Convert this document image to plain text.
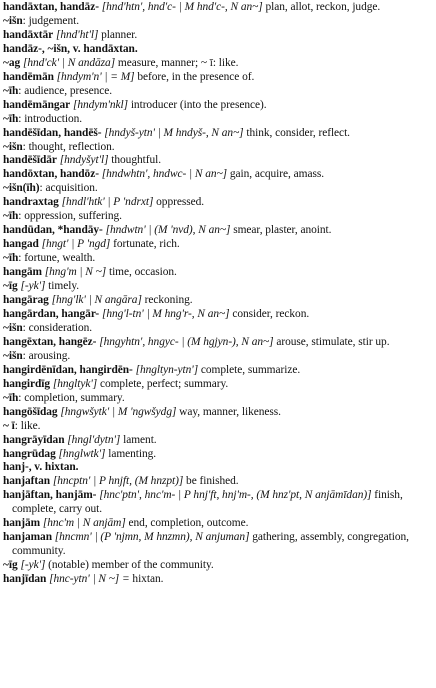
handāxtan, handāz- [hnd'htn', hnd'c- | M hnd'c-, N an~] plan, allot, reckon, judge.

~išn: judgement.

handāxtār [hnd'ht'l] planner.

handāz-, ~išn, v. handāxtan.

~ag [hnd'ck' | N andāza] measure, manner; ~ ī: like.

handēmān [hndym'n' | = M] before, in the presence of.

~īh: audience, presence.

handēmāngar [hndym'nkl] introducer (into the presence).

~īh: introduction.

handēšīdan, handēš- [hndyš-ytn' | M hndyš-, N an~] think, consider, reflect.

~išn: thought, reflection.

handēšīdār [hndyšyt'l] thoughtful.

handōxtan, handōz- [hndwhtn', hndwc- | N an~] gain, acquire, amass.

~išn(īh): acquisition.

handraxtag [hndl'htk' | P 'ndrxt] oppressed.

~īh: oppression, suffering.

handūdan, *handāy- [hndwtn' | (M 'nvd), N an~] smear, plaster, anoint.

hangad [hngt' | P 'ngd] fortunate, rich.

~īh: fortune, wealth.

hangām [hng'm | N ~] time, occasion.

~īg [-yk'] timely.

hangārag [hng'lk' | N angāra] reckoning.

hangārdan, hangār- [hng'l-tn' | M hng'r-, N an~] consider, reckon.

~išn: consideration.

hangēxtan, hangēz- [hngyhtn', hngyc- | (M hgjyn-), N an~] arouse, stimulate, stir up.

~išn: arousing.

hangirdēnīdan, hangirdēn- [hngltyn-ytn'] complete, summarize.

hangirdīg [hngltyk'] complete, perfect; summary.

~īh: completion, summary.

hangōšīdag [hngwšytk' | M 'ngwšydg] way, manner, likeness.

~ ī: like.

hangrāyīdan [hngl'dytn'] lament.

hangrūdag [hnglwtk'] lamenting.

hanj-, v. hixtan.

hanjaftan [hncptn' | P hnjft, (M hnzpt)] be finished.

hanjāftan, hanjām- [hnc'ptn', hnc'm- | P hnj'ft, hnj'm-, (M hnz'pt, N anjāmīdan)] finish, complete, carry out.

hanjām [hnc'm | N anjām] end, completion, outcome.

hanjaman [hncmn' | (P 'njmn, M hnzmn), N anjuman] gathering, assembly, congregation, community.

~īg [-yk'] (notable) member of the community.

hanjīdan [hnc-ytn' | N ~] = hixtan.
